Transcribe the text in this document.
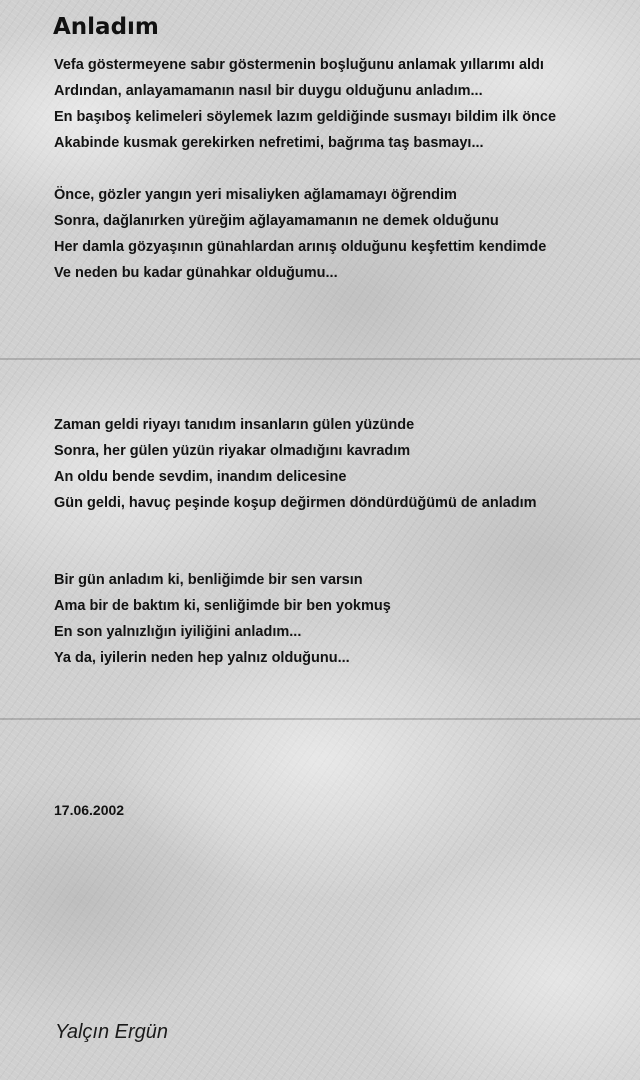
Anladım
Vefa göstermeyene sabır göstermenin boşluğunu anlamak yıllarımı aldı
Ardından, anlayamamanın nasıl bir duygu olduğunu anladım...
En başıboş kelimeleri söylemek lazım geldiğinde susmayı bildim ilk önce
Akabinde kusmak gerekirken nefretimi, bağrıma taş basmayı...
Önce, gözler yangın yeri misaliyken ağlamamayı öğrendim
Sonra, dağlanırken yüreğim ağlayamamanın ne demek olduğunu
Her damla gözyaşının günahlardan arınış olduğunu keşfettim kendimde
Ve neden bu kadar günahkar olduğumu...
Zaman geldi riyayı tanıdım insanların gülen yüzünde
Sonra, her gülen yüzün riyakar olmadığını kavradım
An oldu bende sevdim, inandım delicesine
Gün geldi, havuç peşinde koşup değirmen döndürdüğümü de anladım
Bir gün anladım ki, benliğimde bir sen varsın
Ama bir de baktım ki, senliğimde bir ben yokmuş
En son yalnızlığın iyiliğini anladım...
Ya da, iyilerin neden hep yalnız olduğunu...
17.06.2002
Yalçın Ergün
